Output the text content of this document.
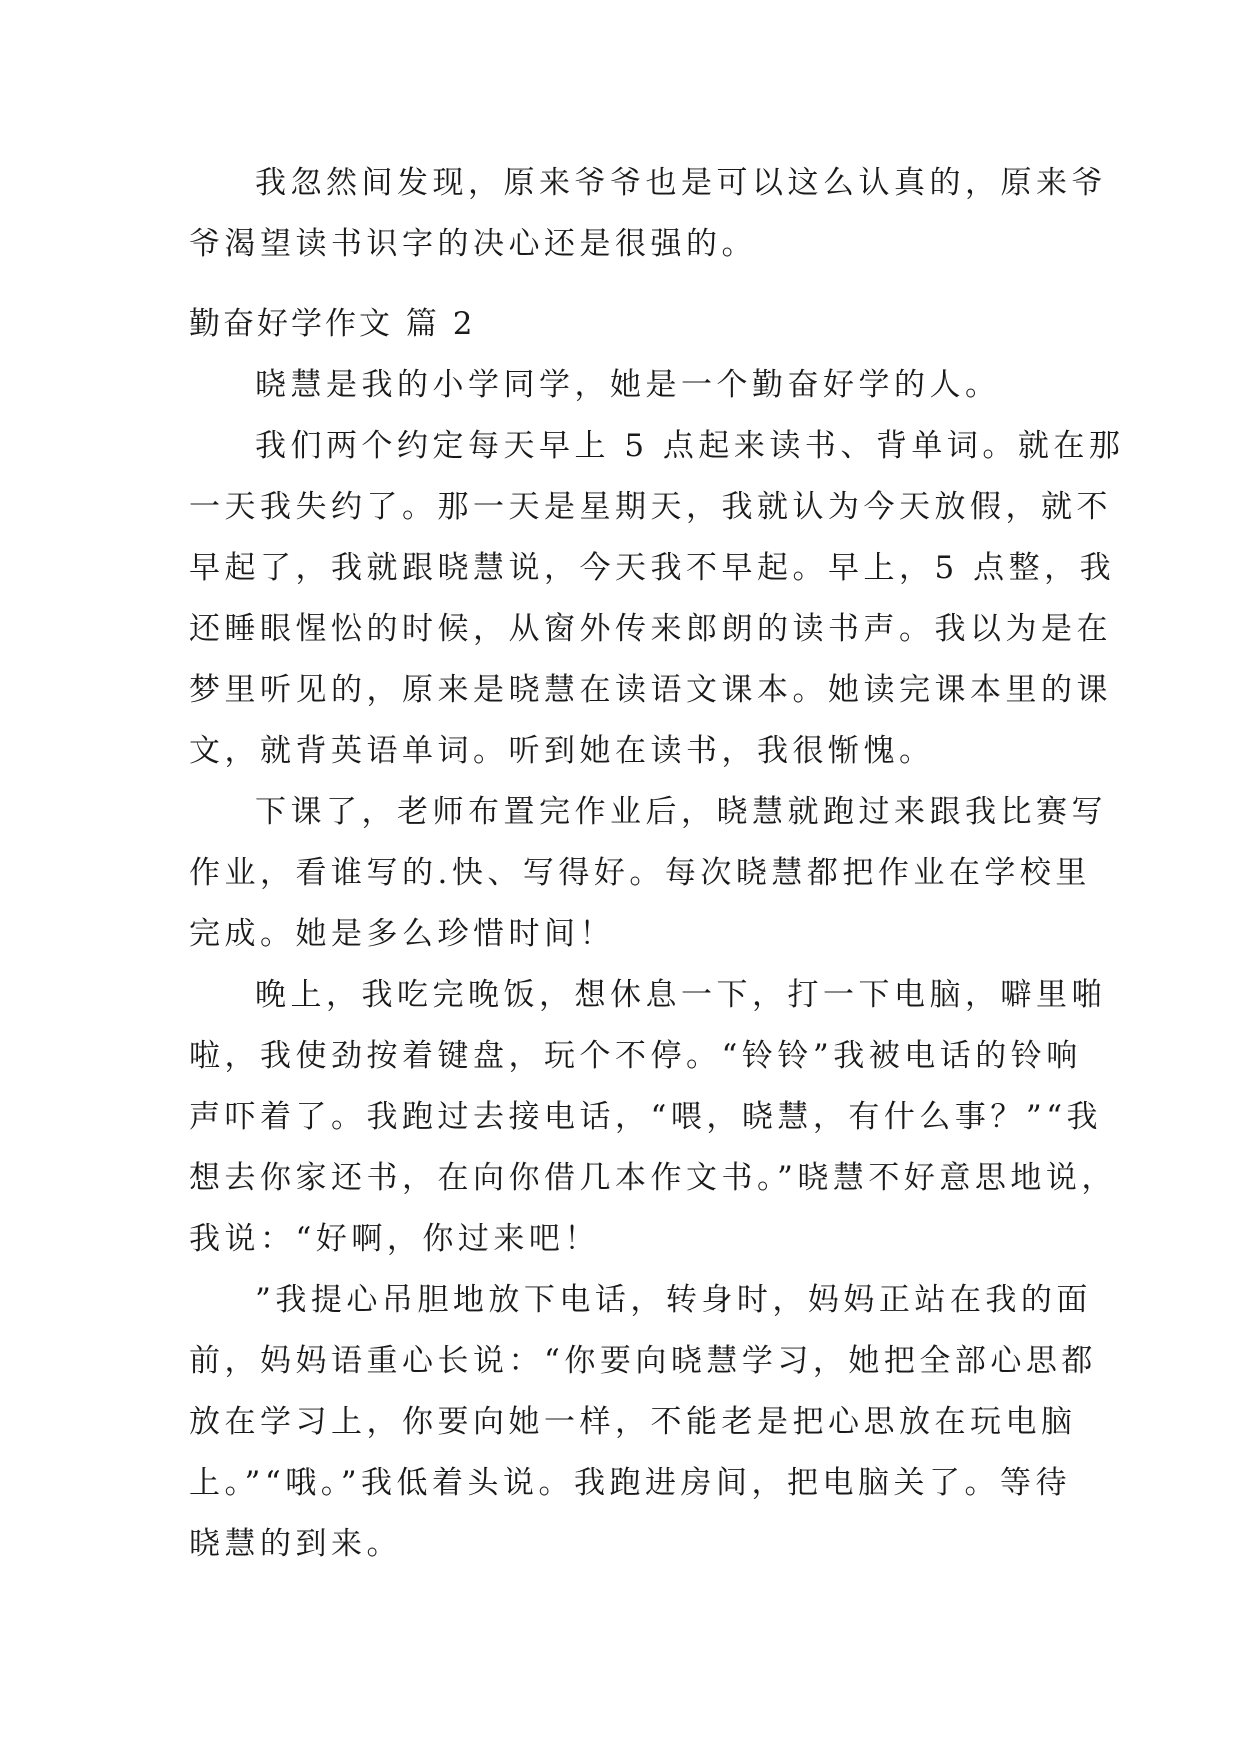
我忽然间发现，原来爷爷也是可以这么认真的，原来爷
爷渴望读书识字的决心还是很强的。
勤奋好学作文 篇 2
晓慧是我的小学同学，她是一个勤奋好学的人。
我们两个约定每天早上 5 点起来读书、背单词。就在那
一天我失约了。那一天是星期天，我就认为今天放假，就不
早起了，我就跟晓慧说，今天我不早起。早上，5 点整，我
还睡眼惺忪的时候，从窗外传来郎朗的读书声。我以为是在
梦里听见的，原来是晓慧在读语文课本。她读完课本里的课
文，就背英语单词。听到她在读书，我很惭愧。
下课了，老师布置完作业后，晓慧就跑过来跟我比赛写
作业，看谁写的.快、写得好。每次晓慧都把作业在学校里
完成。她是多么珍惜时间！
晚上，我吃完晚饭，想休息一下，打一下电脑，噼里啪
啦，我使劲按着键盘，玩个不停。“铃铃”我被电话的铃响
声吓着了。我跑过去接电话，“喂，晓慧，有什么事？”“我
想去你家还书，在向你借几本作文书。”晓慧不好意思地说，
我说：“好啊，你过来吧！
”我提心吊胆地放下电话，转身时，妈妈正站在我的面
前，妈妈语重心长说：“你要向晓慧学习，她把全部心思都
放在学习上，你要向她一样，不能老是把心思放在玩电脑
上。”“哦。”我低着头说。我跑进房间，把电脑关了。等待
晓慧的到来。
